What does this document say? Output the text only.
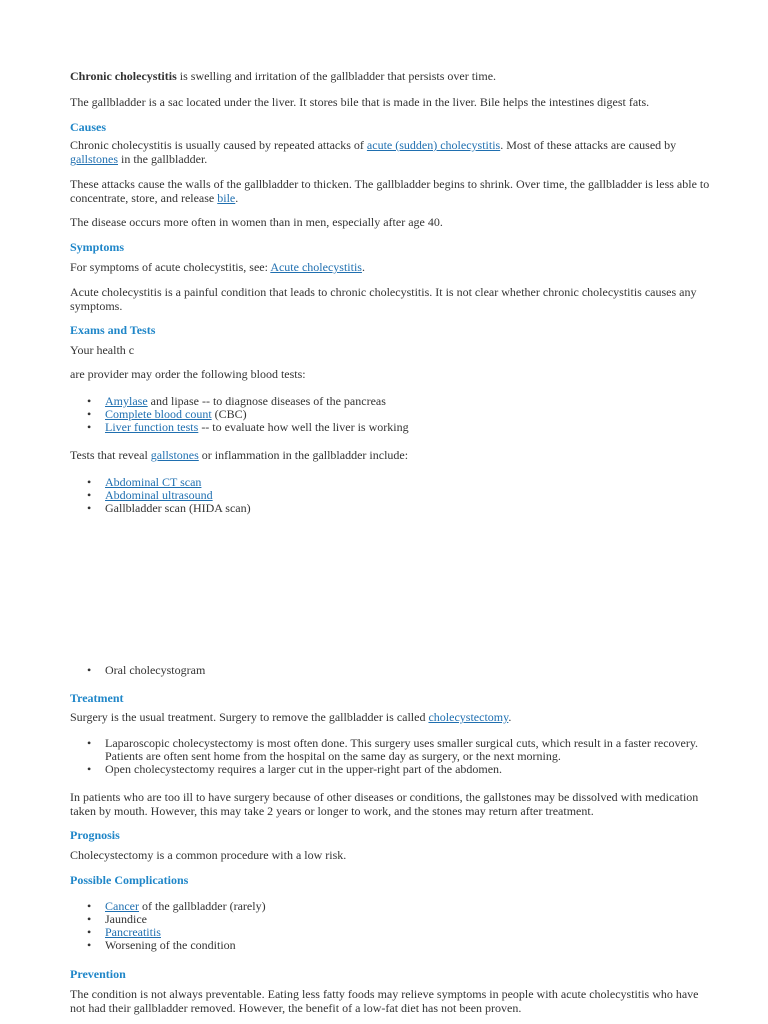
Chronic cholecystitis is swelling and irritation of the gallbladder that persists over time.

The gallbladder is a sac located under the liver. It stores bile that is made in the liver. Bile helps the intestines digest fats.

Causes

Chronic cholecystitis is usually caused by repeated attacks of acute (sudden) cholecystitis. Most of these attacks are caused by gallstones in the gallbladder.

These attacks cause the walls of the gallbladder to thicken. The gallbladder begins to shrink. Over time, the gallbladder is less able to concentrate, store, and release bile.

The disease occurs more often in women than in men, especially after age 40.

Symptoms

For symptoms of acute cholecystitis, see: Acute cholecystitis.

Acute cholecystitis is a painful condition that leads to chronic cholecystitis. It is not clear whether chronic cholecystitis causes any symptoms.

Exams and Tests

Your health c

are provider may order the following blood tests:

• Amylase and lipase -- to diagnose diseases of the pancreas
• Complete blood count (CBC)
• Liver function tests -- to evaluate how well the liver is working

Tests that reveal gallstones or inflammation in the gallbladder include:

• Abdominal CT scan
• Abdominal ultrasound
• Gallbladder scan (HIDA scan)
• Oral cholecystogram

Treatment

Surgery is the usual treatment. Surgery to remove the gallbladder is called cholecystectomy.

• Laparoscopic cholecystectomy is most often done. This surgery uses smaller surgical cuts, which result in a faster recovery. Patients are often sent home from the hospital on the same day as surgery, or the next morning.
• Open cholecystectomy requires a larger cut in the upper-right part of the abdomen.

In patients who are too ill to have surgery because of other diseases or conditions, the gallstones may be dissolved with medication taken by mouth. However, this may take 2 years or longer to work, and the stones may return after treatment.

Prognosis

Cholecystectomy is a common procedure with a low risk.

Possible Complications

• Cancer of the gallbladder (rarely)
• Jaundice
• Pancreatitis
• Worsening of the condition

Prevention

The condition is not always preventable. Eating less fatty foods may relieve symptoms in people with acute cholecystitis who have not had their gallbladder removed. However, the benefit of a low-fat diet has not been proven.
